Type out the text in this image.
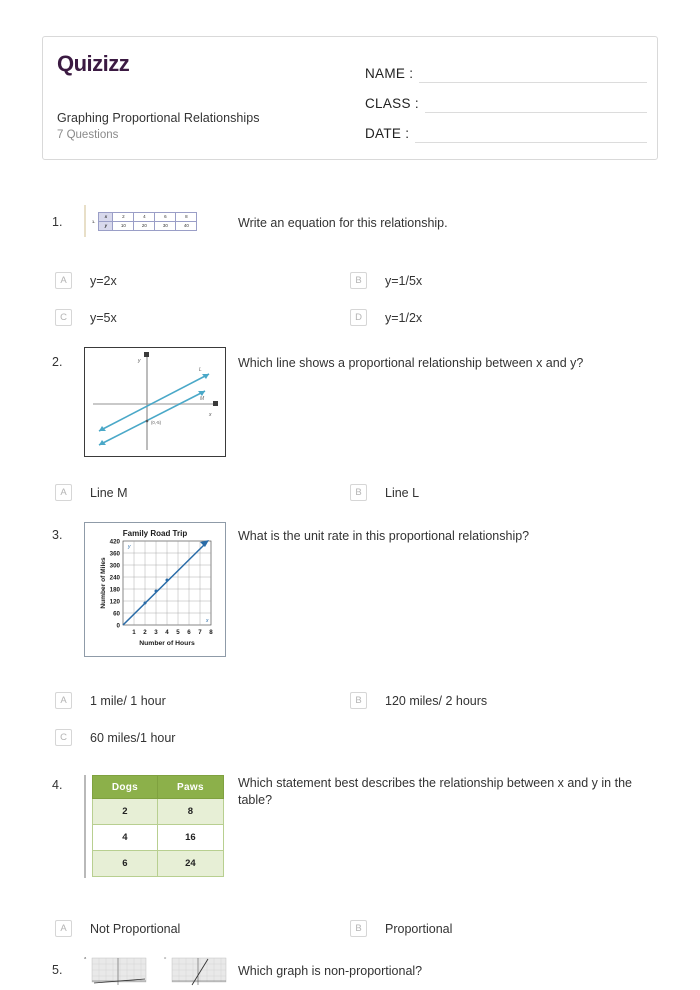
Quizizz
Graphing Proportional Relationships
7 Questions
NAME :
CLASS :
DATE :
1.	1.
x	2	4	6	8
y	10	20	30	40	Write an equation for this relationship.
A	y=2x	B	y=1/5x
C	y=5x	D	y=1/2x
2.	y
x
L
M
(0,-5)
Which line shows a proportional relationship between x and y?
A	Line M	B	Line L
3.	Family Road Trip
420
360
300
240
180
120
60
0
1 2 3 4 5 6 7 8
Number of Miles
Number of Hours
y
x
What is the unit rate in this proportional relationship?
A	1 mile/ 1 hour	B	120 miles/ 2 hours
C	60 miles/1 hour
4.	Dogs	Paws
2	8
4	16
6	24
Which statement best describes the relationship between x and y in the table?
A	Not Proportional	B	Proportional
5.
a	c
Which graph is non-proportional?
